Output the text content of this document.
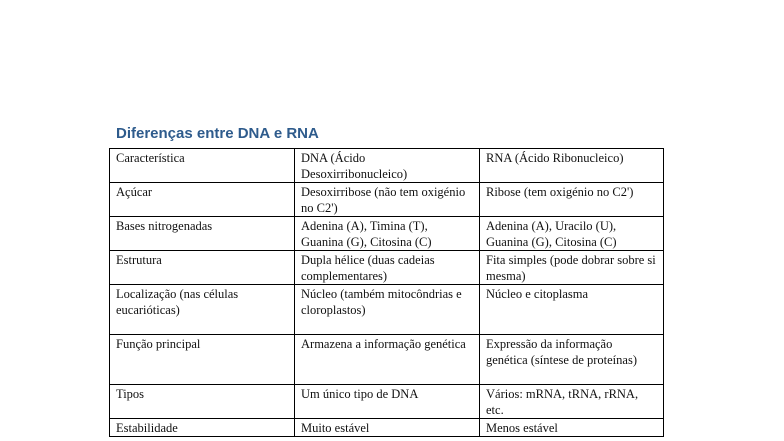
Diferenças entre DNA e RNA
Característica	DNA (Ácido Desoxirribonucleico)	RNA (Ácido Ribonucleico)
Açúcar	Desoxirribose (não tem oxigénio no C2')	Ribose (tem oxigénio no C2')
Bases nitrogenadas	Adenina (A), Timina (T), Guanina (G), Citosina (C)	Adenina (A), Uracilo (U), Guanina (G), Citosina (C)
Estrutura	Dupla hélice (duas cadeias complementares)	Fita simples (pode dobrar sobre si mesma)
Localização (nas células eucarióticas)	Núcleo (também mitocôndrias e cloroplastos)	Núcleo e citoplasma
Função principal	Armazena a informação genética	Expressão da informação genética (síntese de proteínas)
Tipos	Um único tipo de DNA	Vários: mRNA, tRNA, rRNA, etc.
Estabilidade	Muito estável	Menos estável
